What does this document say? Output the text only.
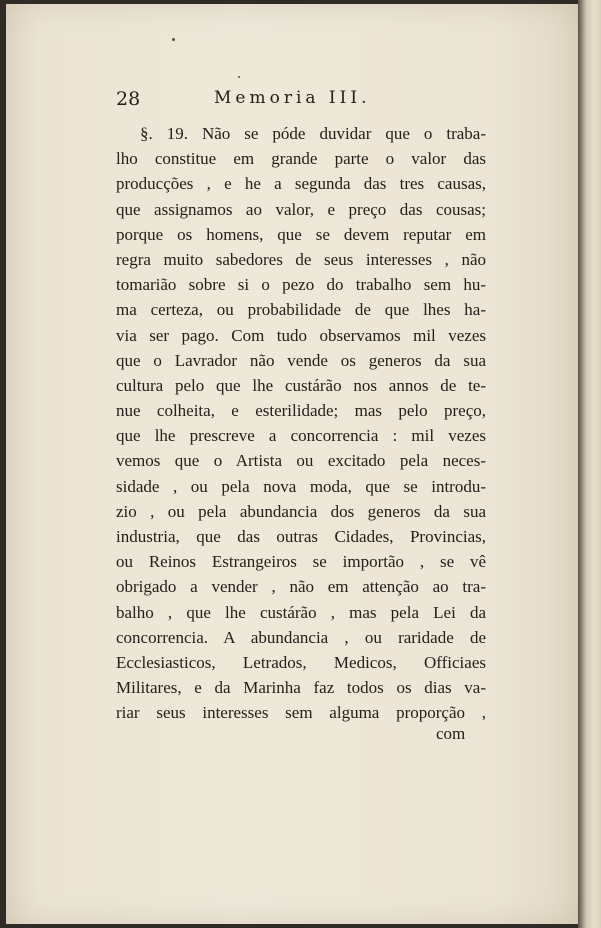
28	Memoria III.
§. 19. Não se póde duvidar que o traba-
lho constitue em grande parte o valor das
producções , e he a segunda das tres causas,
que assignamos ao valor, e preço das cousas;
porque os homens, que se devem reputar em
regra muito sabedores de seus interesses , não
tomarião sobre si o pezo do trabalho sem hu-
ma certeza, ou probabilidade de que lhes ha-
via ser pago. Com tudo observamos mil vezes
que o Lavrador não vende os generos da sua
cultura pelo que lhe custárão nos annos de te-
nue colheita, e esterilidade; mas pelo preço,
que lhe prescreve a concorrencia : mil vezes
vemos que o Artista ou excitado pela neces-
sidade , ou pela nova moda, que se introdu-
zio , ou pela abundancia dos generos da sua
industria, que das outras Cidades, Provincias,
ou Reinos Estrangeiros se importão , se vê
obrigado a vender , não em attenção ao tra-
balho , que lhe custárão , mas pela Lei da
concorrencia. A abundancia , ou raridade de
Ecclesiasticos, Letrados, Medicos, Officiaes
Militares, e da Marinha faz todos os dias va-
riar seus interesses sem alguma proporção ,
com
